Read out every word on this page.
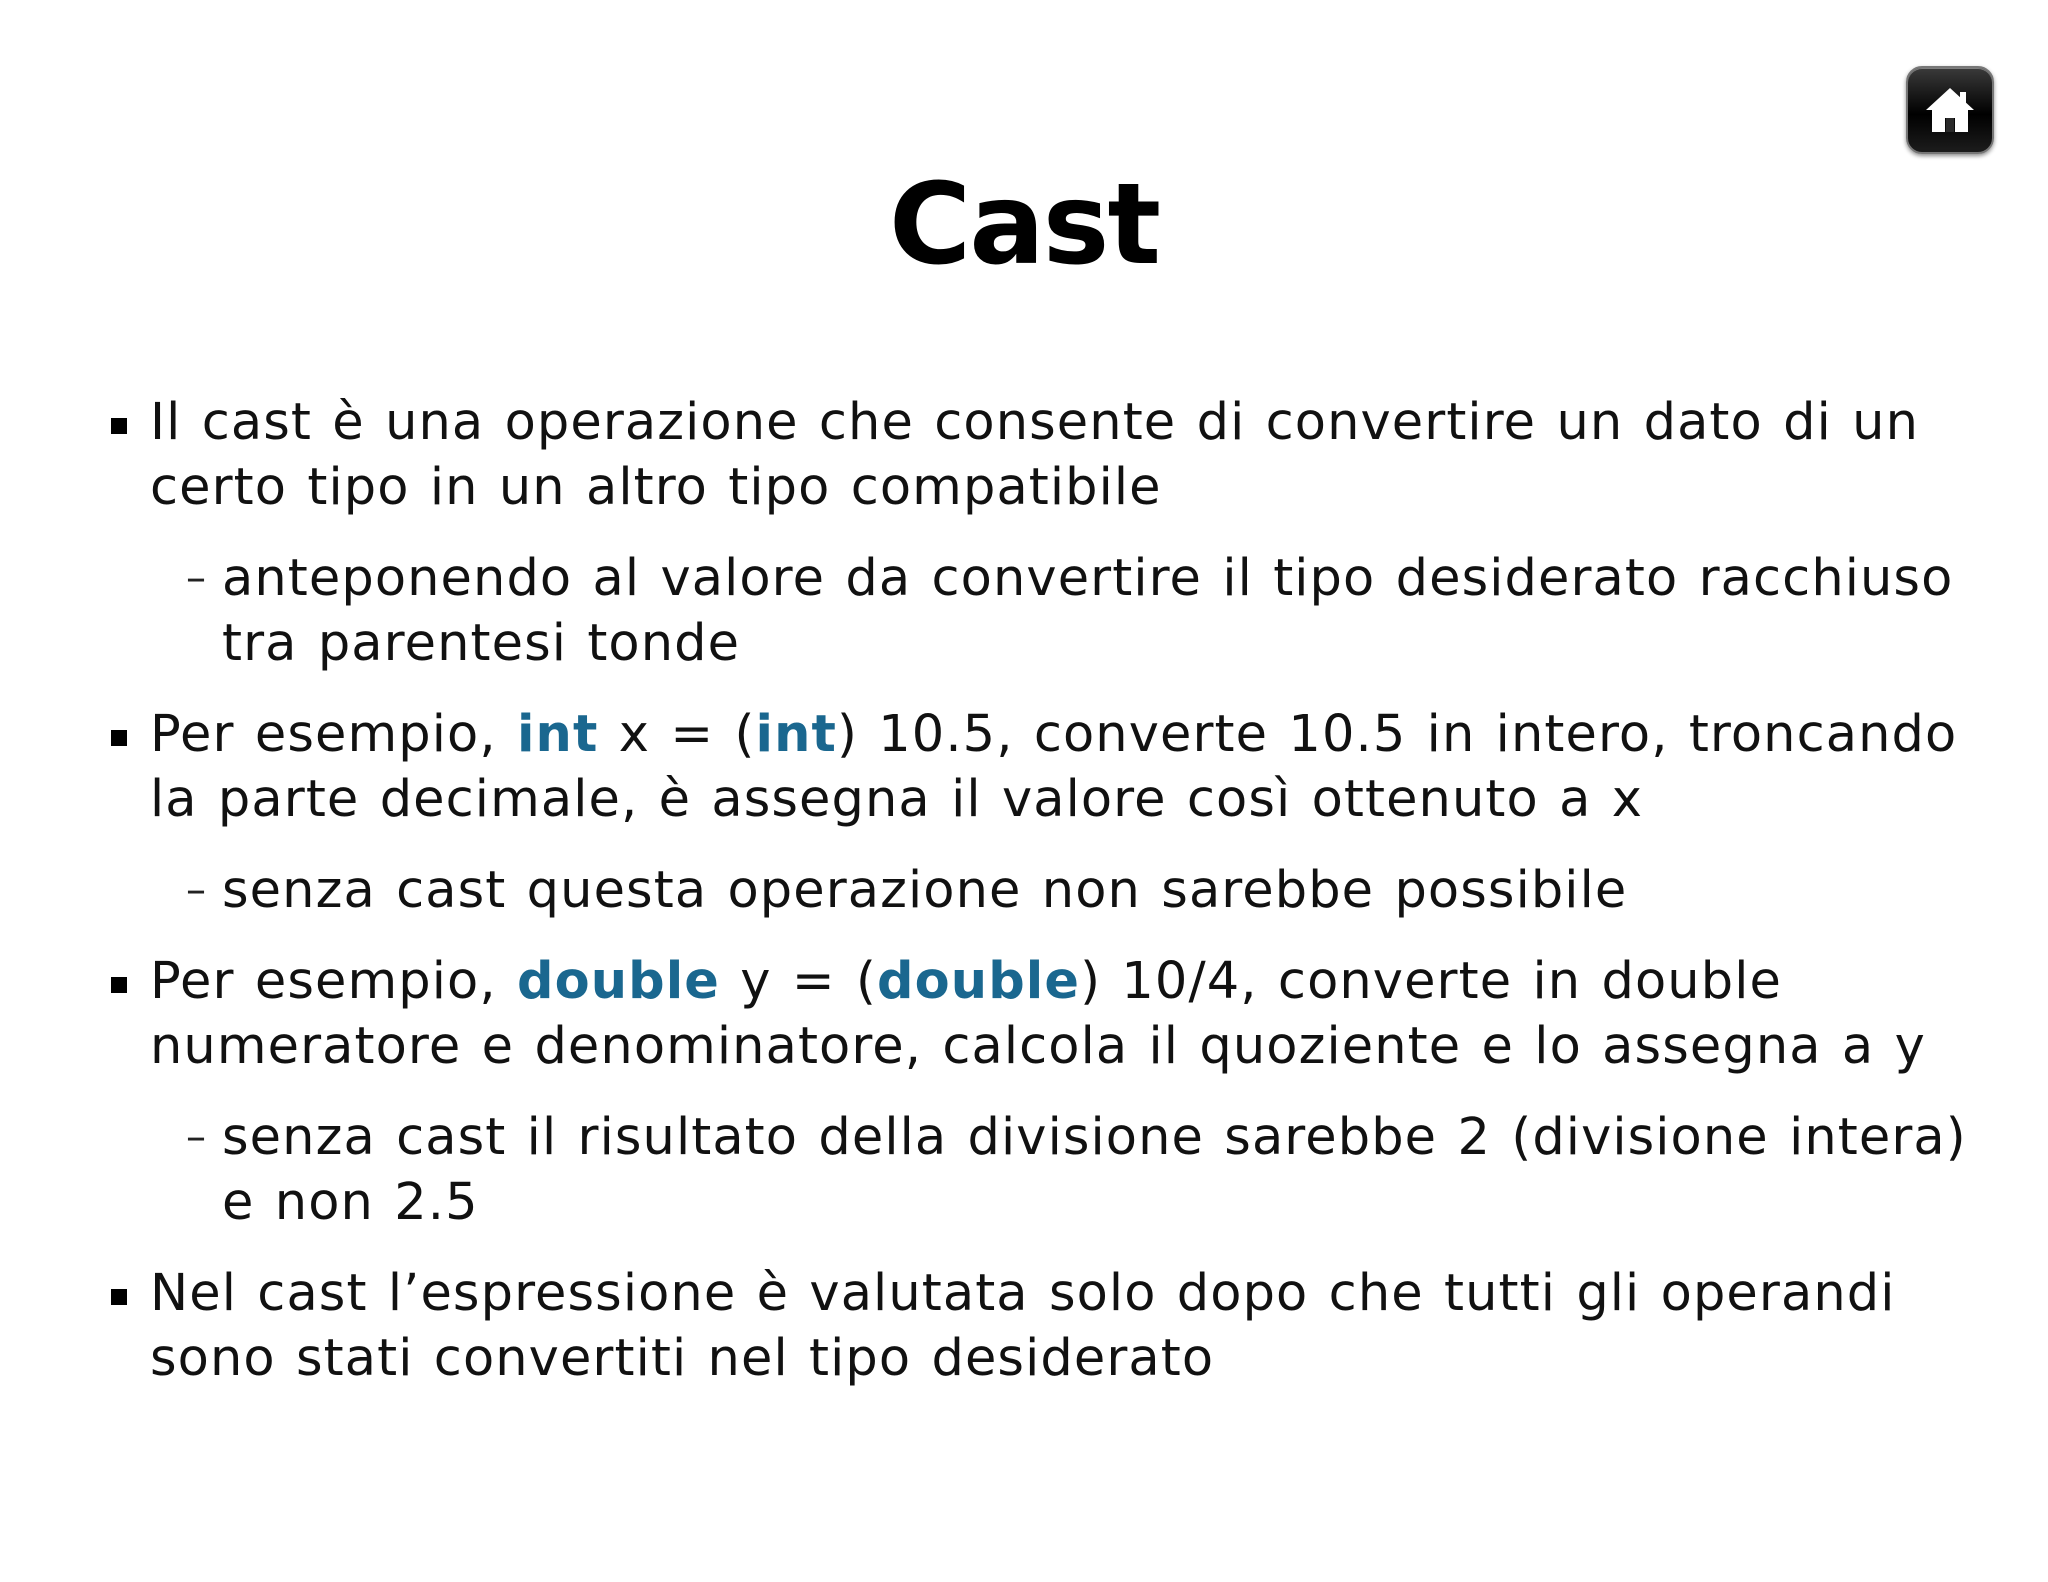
Cast
Il cast è una operazione che consente di convertire un dato di un certo tipo in un altro tipo compatibile
– anteponendo al valore da convertire il tipo desiderato racchiuso tra parentesi tonde
Per esempio, int x = (int) 10.5, converte 10.5 in intero, troncando la parte decimale, è assegna il valore così ottenuto a x
– senza cast questa operazione non sarebbe possibile
Per esempio, double y = (double) 10/4, converte in double numeratore e denominatore, calcola il quoziente e lo assegna a y
– senza cast il risultato della divisione sarebbe 2 (divisione intera) e non 2.5
Nel cast l’espressione è valutata solo dopo che tutti gli operandi sono stati convertiti nel tipo desiderato
